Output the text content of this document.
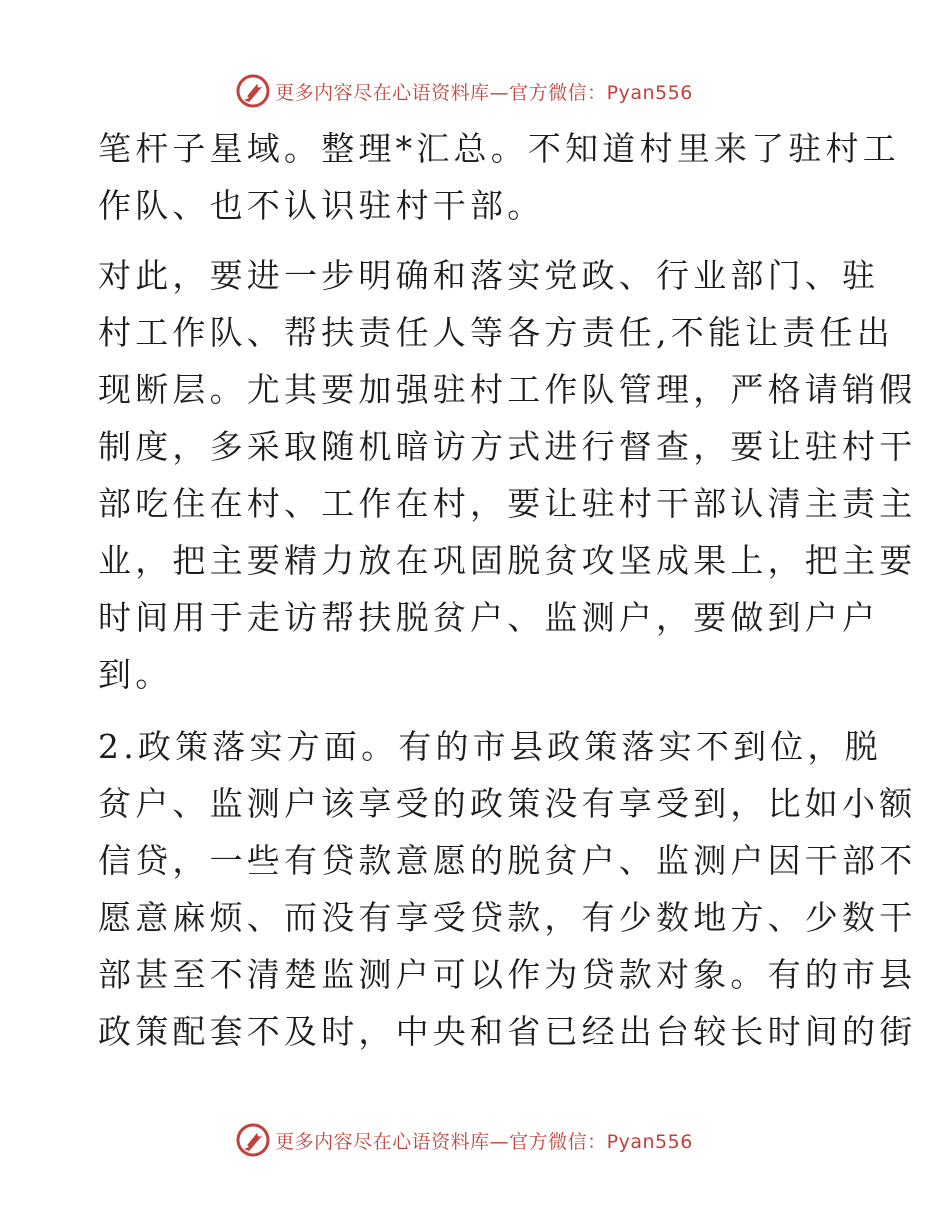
更多内容尽在心语资料库—官方微信：Pyan556
笔杆子星域。整理*汇总。不知道村里来了驻村工
作队、也不认识驻村干部。
对此，要进一步明确和落实党政、行业部门、驻
村工作队、帮扶责任人等各方责任,不能让责任出
现断层。尤其要加强驻村工作队管理，严格请销假
制度，多采取随机暗访方式进行督查，要让驻村干
部吃住在村、工作在村，要让驻村干部认清主责主
业，把主要精力放在巩固脱贫攻坚成果上，把主要
时间用于走访帮扶脱贫户、监测户，要做到户户
到。
2.政策落实方面。有的市县政策落实不到位，脱
贫户、监测户该享受的政策没有享受到，比如小额
信贷，一些有贷款意愿的脱贫户、监测户因干部不
愿意麻烦、而没有享受贷款，有少数地方、少数干
部甚至不清楚监测户可以作为贷款对象。有的市县
政策配套不及时，中央和省已经出台较长时间的街
更多内容尽在心语资料库—官方微信：Pyan556
